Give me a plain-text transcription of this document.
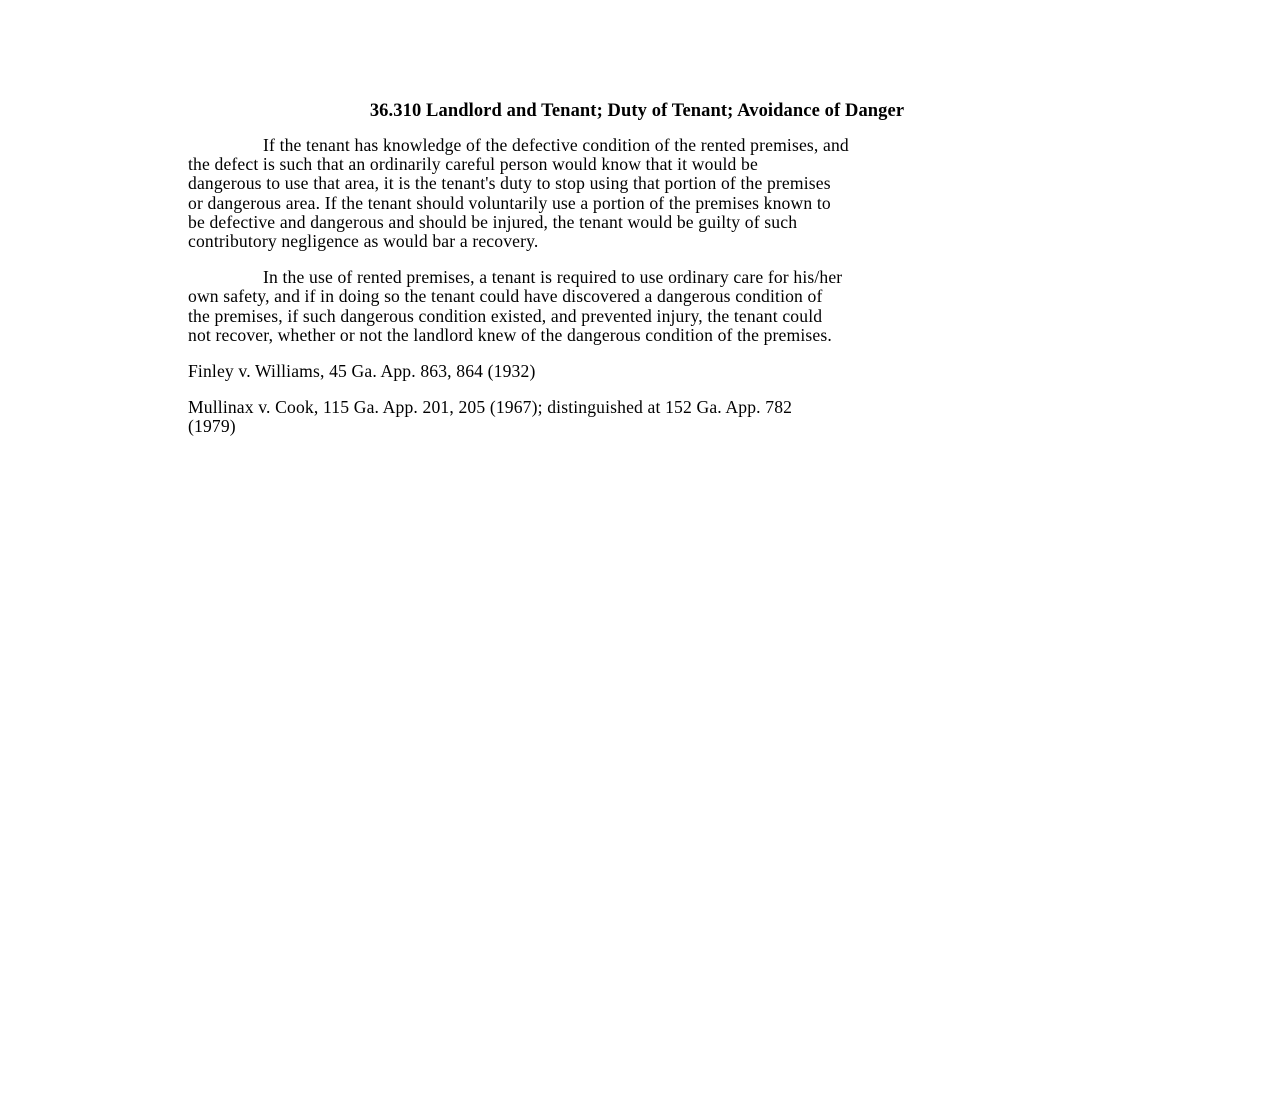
36.310 Landlord and Tenant; Duty of Tenant; Avoidance of Danger
If the tenant has knowledge of the defective condition of the rented premises, and
the defect is such that an ordinarily careful person would know that it would be
dangerous to use that area, it is the tenant's duty to stop using that portion of the premises
or dangerous area. If the tenant should voluntarily use a portion of the premises known to
be defective and dangerous and should be injured, the tenant would be guilty of such
contributory negligence as would bar a recovery.
In the use of rented premises, a tenant is required to use ordinary care for his/her
own safety, and if in doing so the tenant could have discovered a dangerous condition of
the premises, if such dangerous condition existed, and prevented injury, the tenant could
not recover, whether or not the landlord knew of the dangerous condition of the premises.
Finley v. Williams, 45 Ga. App. 863, 864 (1932)
Mullinax v. Cook, 115 Ga. App. 201, 205 (1967); distinguished at 152 Ga. App. 782
(1979)
